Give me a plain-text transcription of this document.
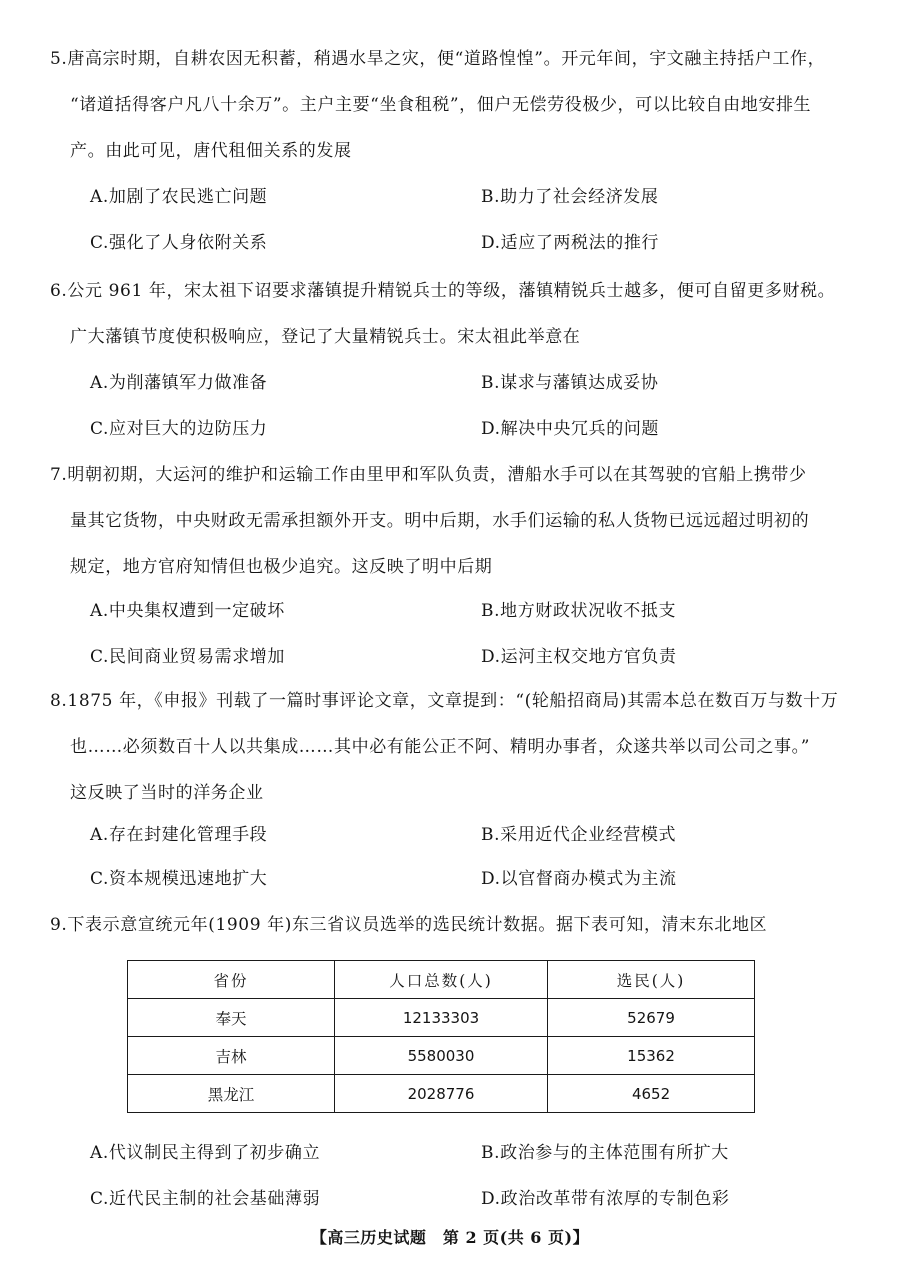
5.唐高宗时期，自耕农因无积蓄，稍遇水旱之灾，便“道路惶惶”。开元年间，宇文融主持括户工作，
“诸道括得客户凡八十余万”。主户主要“坐食租税”，佃户无偿劳役极少，可以比较自由地安排生
产。由此可见，唐代租佃关系的发展
A.加剧了农民逃亡问题	B.助力了社会经济发展
C.强化了人身依附关系	D.适应了两税法的推行
6.公元 961 年，宋太祖下诏要求藩镇提升精锐兵士的等级，藩镇精锐兵士越多，便可自留更多财税。
广大藩镇节度使积极响应，登记了大量精锐兵士。宋太祖此举意在
A.为削藩镇军力做准备	B.谋求与藩镇达成妥协
C.应对巨大的边防压力	D.解决中央冗兵的问题
7.明朝初期，大运河的维护和运输工作由里甲和军队负责，漕船水手可以在其驾驶的官船上携带少
量其它货物，中央财政无需承担额外开支。明中后期，水手们运输的私人货物已远远超过明初的
规定，地方官府知情但也极少追究。这反映了明中后期
A.中央集权遭到一定破坏	B.地方财政状况收不抵支
C.民间商业贸易需求增加	D.运河主权交地方官负责
8.1875 年，《申报》刊载了一篇时事评论文章，文章提到：“(轮船招商局)其需本总在数百万与数十万
也……必须数百十人以共集成……其中必有能公正不阿、精明办事者，众遂共举以司公司之事。”
这反映了当时的洋务企业
A.存在封建化管理手段	B.采用近代企业经营模式
C.资本规模迅速地扩大	D.以官督商办模式为主流
9.下表示意宣统元年(1909 年)东三省议员选举的选民统计数据。据下表可知，清末东北地区
省份	人口总数(人)	选民(人)
奉天	12133303	52679
吉林	5580030	15362
黑龙江	2028776	4652
A.代议制民主得到了初步确立	B.政治参与的主体范围有所扩大
C.近代民主制的社会基础薄弱	D.政治改革带有浓厚的专制色彩
【高三历史试题　第 2 页(共 6 页)】
